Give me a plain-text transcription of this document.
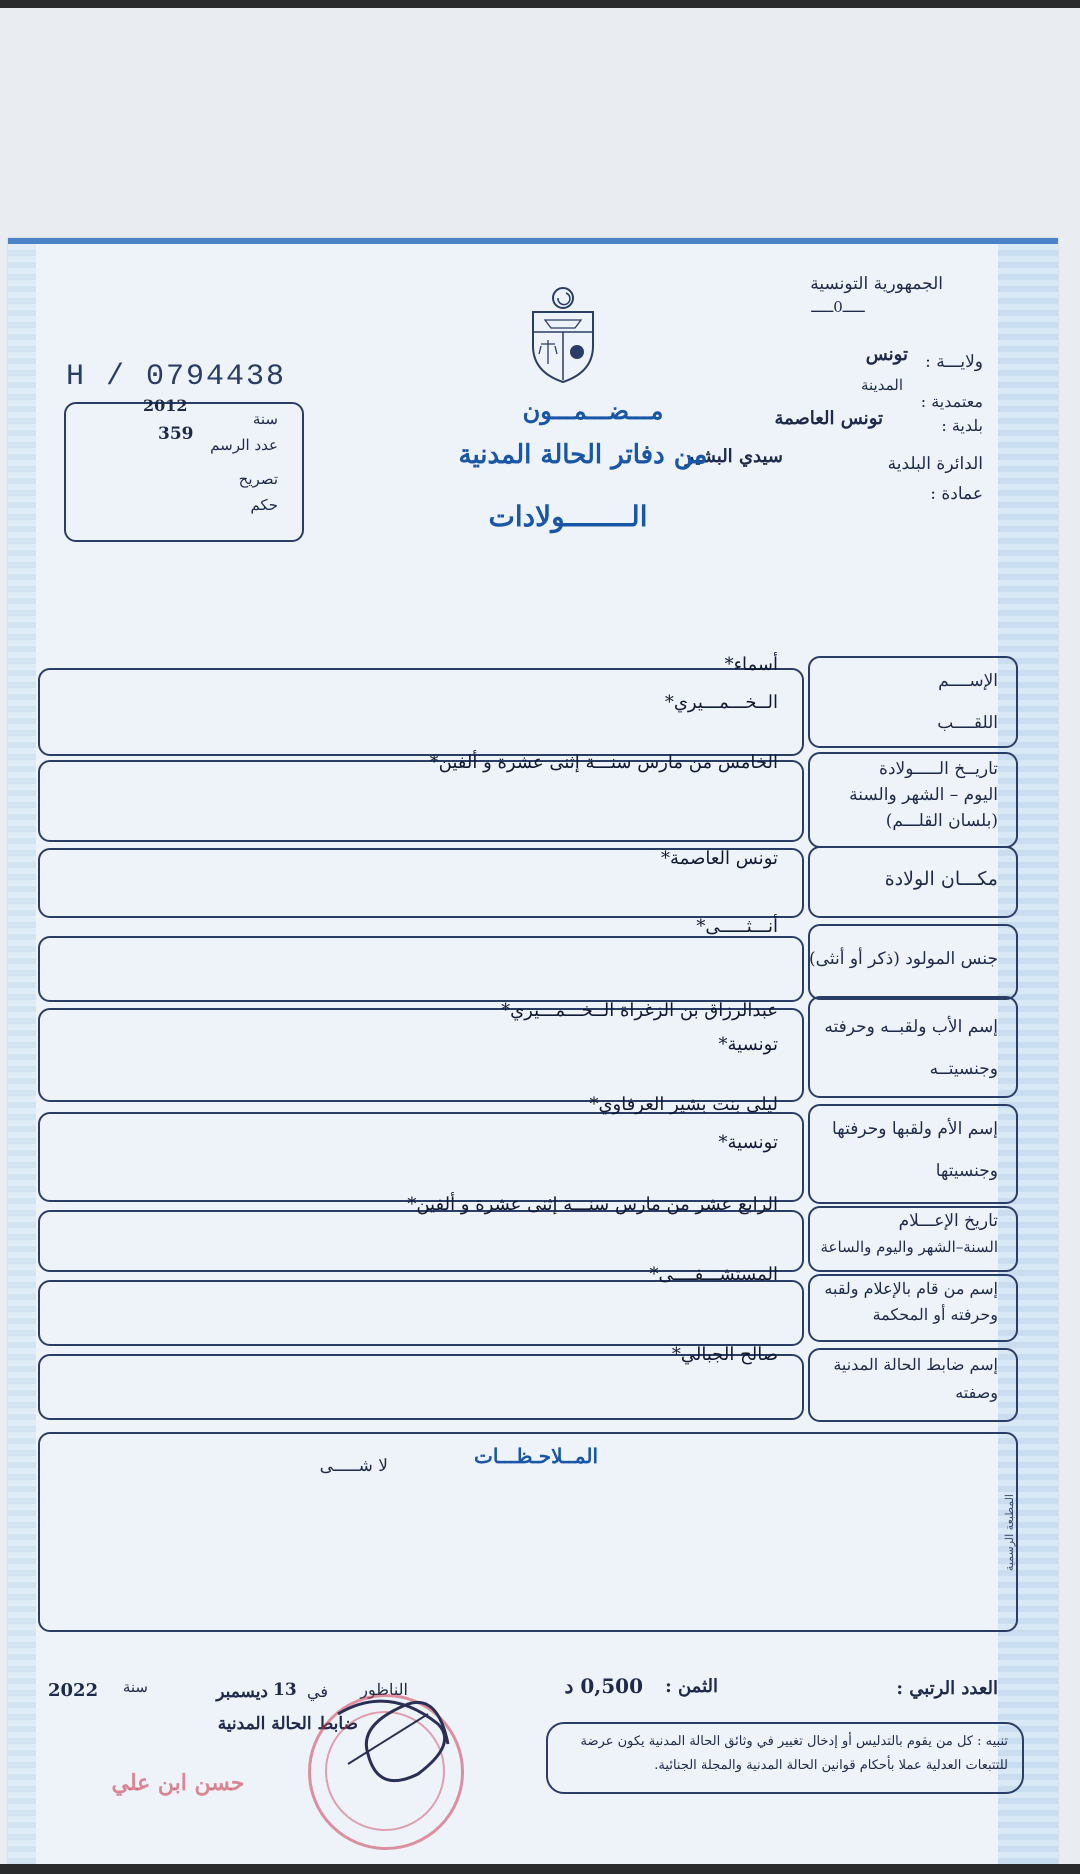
الجمهورية التونسية
ـــــ0ـــــ
H / 0794438
2012
سنة
359
عدد الرسم
تصريح
حكم
ولايـــة :
تونس
المدينة
معتمدية :
بلدية :
تونس العاصمة
الدائرة البلدية
سيدي البشير
عمادة :
مـــضـــمـــون
من دفاتر الحالة المدنية
الــــــــولادات
الإســــم
اللقــــب
أسماء*
الــخـــمـــيري*
تاريــخ الـــــولادة
اليوم – الشهر والسنة
(بلسان القلـــم)
الخامس من مارس سنـــة إثنى عشرة و ألفين*
مكـــان الولادة
تونس العاصمة*
جنس المولود (ذكر أو أنثى)
أنـــثـــــى*
إسم الأب ولقبــه وحرفته
وجنسيتــه
عبدالرزاق بن الزغراة الــخـــمـــيري*
تونسية*
إسم الأم ولقبها وحرفتها
وجنسيتها
ليلى بنت بشير العرفاوي*
تونسية*
تاريخ الإعـــلام
السنة–الشهر واليوم والساعة
الرابع عشر من مارس سنـــة إثنى عشرة و ألفين*
إسم من قام بالإعلام ولقبه
وحرفته أو المحكمة
المستشـــفــــى*
إسم ضابط الحالة المدنية
وصفته
صالح الجبالي*
المــلاحـظـــات
لا شـــــى
المطبعة الرسمية
العدد الرتبي :
الثمن :
0,500 د
الناظور
في
13
ديسمبر
سنة
2022
ضابط الحالة المدنية
حسن ابن علي
تنبيه : كل من يقوم بالتدليس أو إدخال تغيير في وثائق الحالة المدنية يكون عرضة للتتبعات العدلية عملا بأحكام قوانين الحالة المدنية والمجلة الجنائية.
